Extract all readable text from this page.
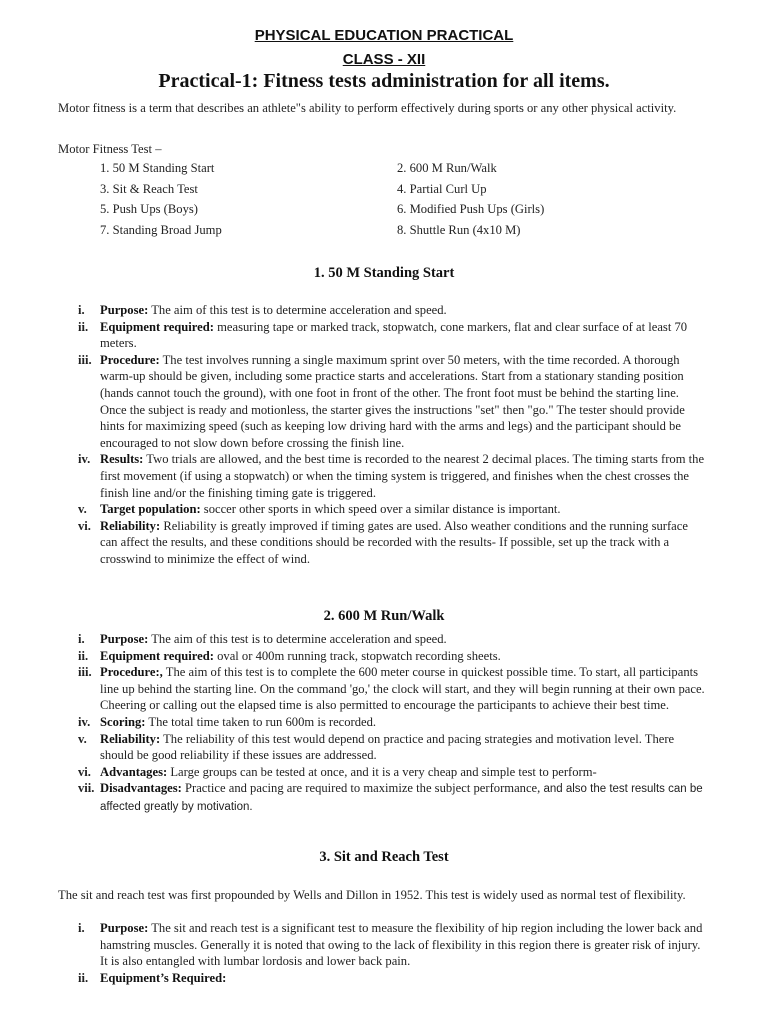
PHYSICAL EDUCATION PRACTICAL
CLASS - XII
Practical-1: Fitness tests administration for all items.
Motor fitness is a term that describes an athlete"s ability to perform effectively during sports or any other physical activity.
Motor Fitness Test –
1. 50 M Standing Start	2. 600 M Run/Walk
3. Sit & Reach Test	4. Partial Curl Up
5. Push Ups (Boys)	6. Modified Push Ups (Girls)
7. Standing Broad Jump	8. Shuttle Run (4x10 M)
1. 50 M Standing Start
i.	Purpose: The aim of this test is to determine acceleration and speed.
ii. Equipment required: measuring tape or marked track, stopwatch, cone markers, flat and clear surface of at least 70 meters.
iii. Procedure: The test involves running a single maximum sprint over 50 meters, with the time recorded. A thorough warm-up should be given, including some practice starts and accelerations. Start from a stationary standing position (hands cannot touch the ground), with one foot in front of the other. The front foot must be behind the starting line. Once the subject is ready and motionless, the starter gives the instructions "set" then "go." The tester should provide hints for maximizing speed (such as keeping low driving hard with the arms and legs) and the participant should be encouraged to not slow down before crossing the finish line.
iv. Results: Two trials are allowed, and the best time is recorded to the nearest 2 decimal places. The timing starts from the first movement (if using a stopwatch) or when the timing system is triggered, and finishes when the chest crosses the finish line and/or the finishing timing gate is triggered.
v.	Target population: soccer other sports in which speed over a similar distance is important.
vi. Reliability: Reliability is greatly improved if timing gates are used. Also weather conditions and the running surface can affect the results, and these conditions should be recorded with the results- If possible, set up the track with a crosswind to minimize the effect of wind.
2. 600 M Run/Walk
i.	Purpose: The aim of this test is to determine acceleration and speed.
ii. Equipment required: oval or 400m running track, stopwatch recording sheets.
iii. Procedure:, The aim of this test is to complete the 600 meter course in quickest possible time. To start, all participants line up behind the starting line. On the command 'go,' the clock will start, and they will begin running at their own pace. Cheering or calling out the elapsed time is also permitted to encourage the participants to achieve their best time.
iv. Scoring: The total time taken to run 600m is recorded.
v.	Reliability: The reliability of this test would depend on practice and pacing strategies and motivation level. There should be good reliability if these issues are addressed.
vi. Advantages: Large groups can be tested at once, and it is a very cheap and simple test to perform-
vii. Disadvantages: Practice and pacing are required to maximize the subject performance, and also the test results can be affected greatly by motivation.
3. Sit and Reach Test
The sit and reach test was first propounded by Wells and Dillon in 1952. This test is widely used as normal test of flexibility.
i.	Purpose: The sit and reach test is a significant test to measure the flexibility of hip region including the lower back and hamstring muscles. Generally it is noted that owing to the lack of flexibility in this region there is greater risk of injury. It is also entangled with lumbar lordosis and lower back pain.
ii. Equipment’s Required:
